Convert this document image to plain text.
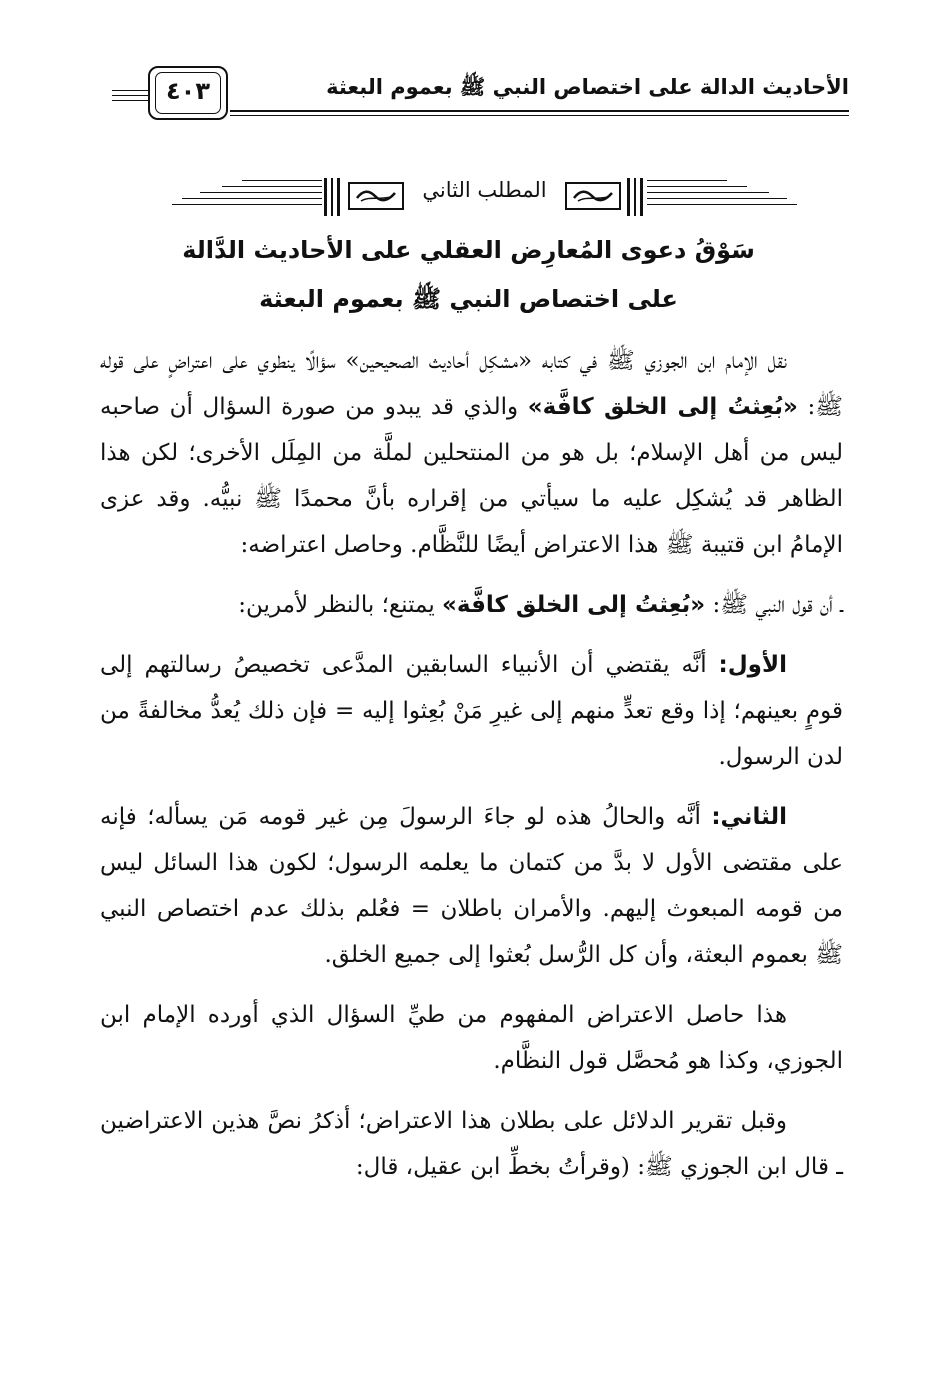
الأحاديث الدالة على اختصاص النبي ﷺ بعموم البعثة
٤٠٣
المطلب الثاني
سَوْقُ دعوى المُعارِض العقلي على الأحاديث الدَّالة
على اختصاص النبي ﷺ بعموم البعثة

نقل الإمام ابن الجوزي ﷺ في كتابه «مشكِل أحاديث الصحيحين» سؤالًا ينطوي على اعتراضٍ على قوله ﷺ: «بُعِثتُ إلى الخلق كافَّة» والذي قد يبدو من صورة السؤال أن صاحبه ليس من أهل الإسلام؛ بل هو من المنتحلين لملَّة من المِلَل الأخرى؛ لكن هذا الظاهر قد يُشكِل عليه ما سيأتي من إقراره بأنَّ محمدًا ﷺ نبيُّه. وقد عزى الإمامُ ابن قتيبة ﷺ هذا الاعتراض أيضًا للنَّظَّام. وحاصل اعتراضه:

ـ أن قول النبي ﷺ: «بُعِثتُ إلى الخلق كافَّة» يمتنع؛ بالنظر لأمرين:

الأول: أنَّه يقتضي أن الأنبياء السابقين المدَّعى تخصيصُ رسالتهم إلى قومٍ بعينهم؛ إذا وقع تعدٍّ منهم إلى غيرِ مَنْ بُعِثوا إليه = فإن ذلك يُعدُّ مخالفةً من لدن الرسول.

الثاني: أنَّه والحالُ هذه لو جاءَ الرسولَ مِن غير قومه مَن يسأله؛ فإنه على مقتضى الأول لا بدَّ من كتمان ما يعلمه الرسول؛ لكون هذا السائل ليس من قومه المبعوث إليهم. والأمران باطلان = فعُلم بذلك عدم اختصاص النبي ﷺ بعموم البعثة، وأن كل الرُّسل بُعثوا إلى جميع الخلق.

هذا حاصل الاعتراض المفهوم من طيِّ السؤال الذي أورده الإمام ابن الجوزي، وكذا هو مُحصَّل قول النظَّام.

وقبل تقرير الدلائل على بطلان هذا الاعتراض؛ أذكرُ نصَّ هذين الاعتراضين ـ قال ابن الجوزي ﷺ: (وقرأتُ بخطِّ ابن عقيل، قال:
